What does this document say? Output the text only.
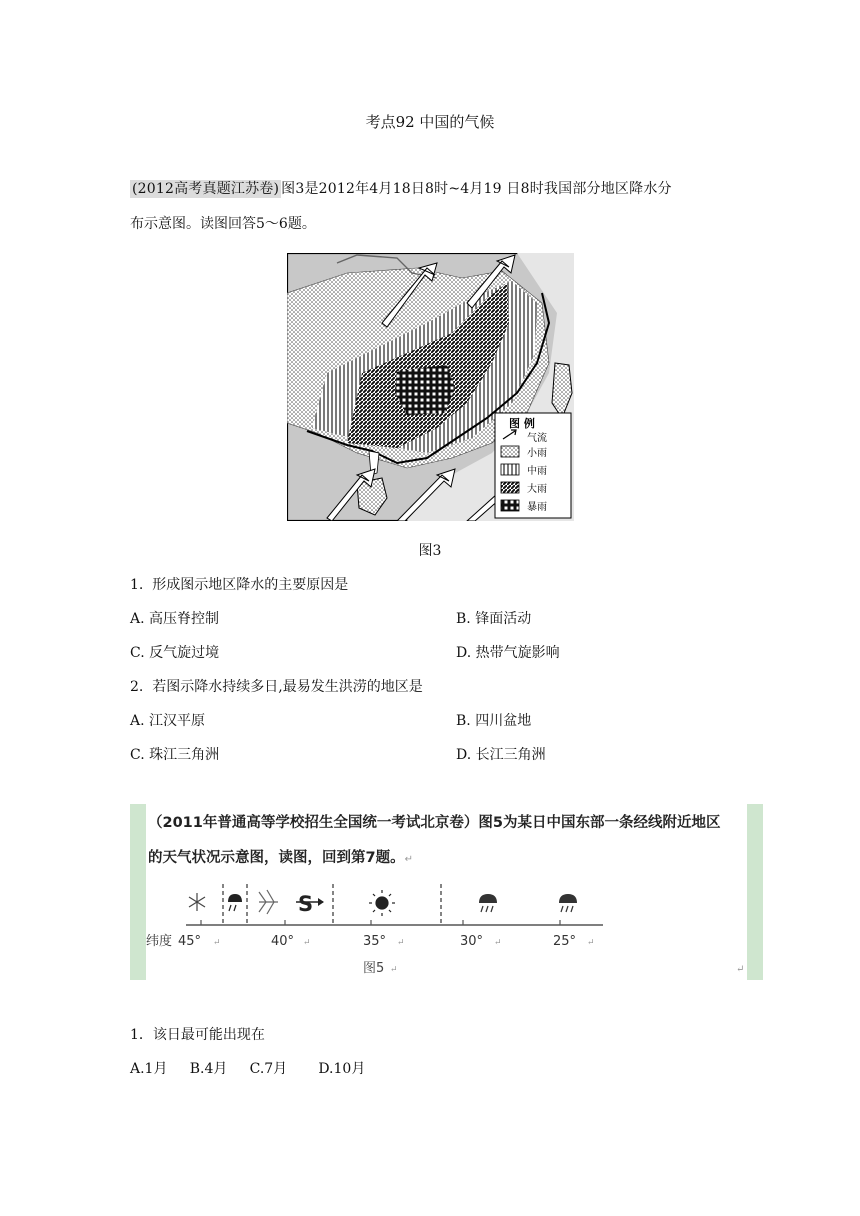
考点92 中国的气候
(2012高考真题江苏卷) 图3是2012年4月18日8时~4月19 日8时我国部分地区降水分
布示意图。读图回答5～6题。
图 例
气流
小雨
中雨
大雨
暴雨
图3
1. 形成图示地区降水的主要原因是
A. 高压脊控制	B. 锋面活动
C. 反气旋过境	D. 热带气旋影响
2. 若图示降水持续多日,最易发生洪涝的地区是
A. 江汉平原	B. 四川盆地
C. 珠江三角洲	D. 长江三角洲
（2011年普通高等学校招生全国统一考试北京卷）图5为某日中国东部一条经线附近地区
的天气状况示意图，读图，回到第7题。↵
S
纬度 45° ↵	40° ↵	35° ↵	30° ↵	25° ↵
图5 ↵	↵
1．该日最可能出现在
A.1月     B.4月     C.7月       D.10月
